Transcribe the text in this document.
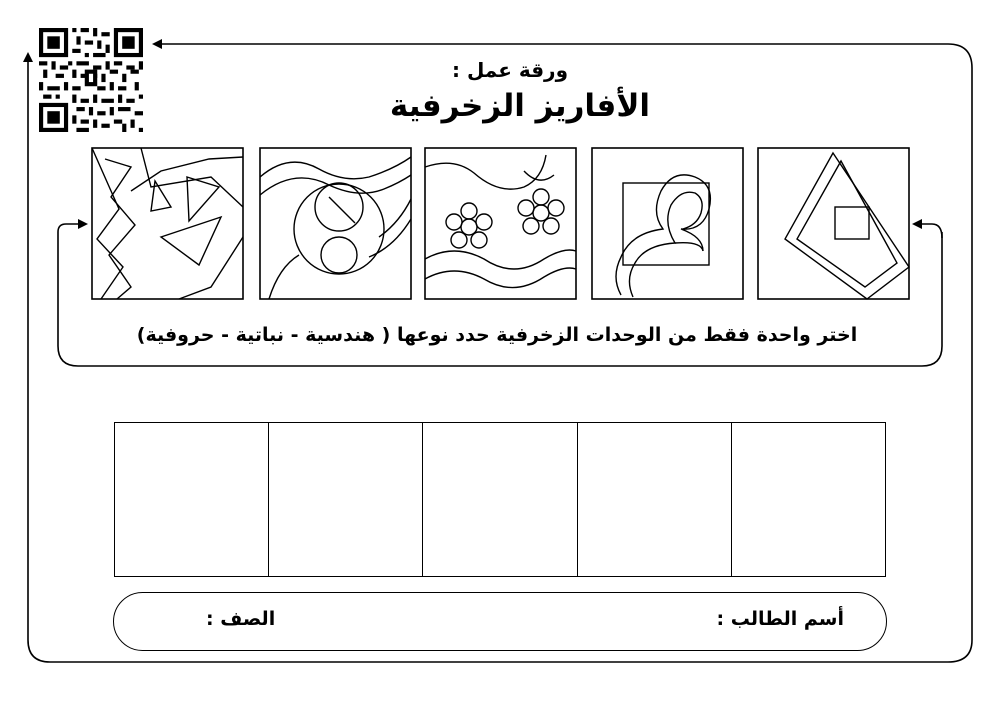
ورقة عمل :
الأفاريز الزخرفية
اختر واحدة فقط من الوحدات الزخرفية حدد نوعها ( هندسية - نباتية - حروفية)
أسم الطالب :
الصف :
